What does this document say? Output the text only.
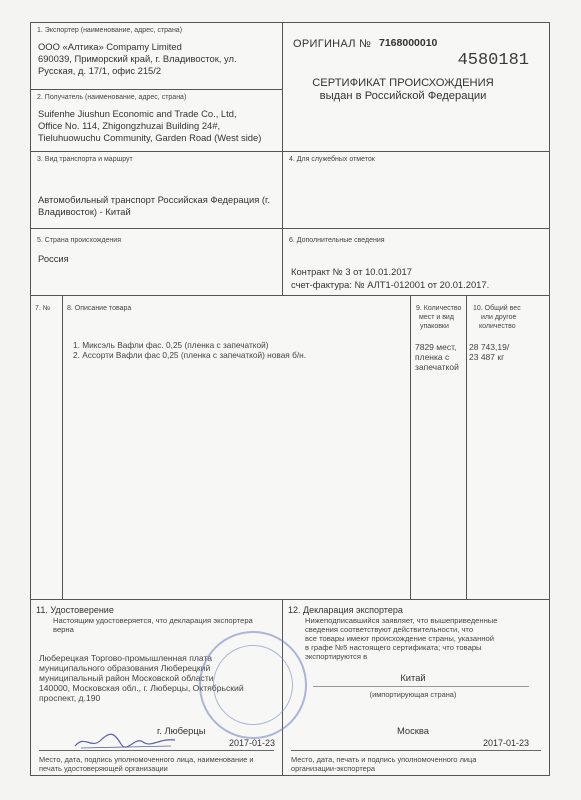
1. Экспортер (наименование, адрес, страна)
ООО «Алтика» Compamy Limited
690039, Приморский край, г. Владивосток, ул.
Русская, д. 17/1, офис 215/2
ОРИГИНАЛ № 7168000010
4580181
СЕРТИФИКАТ ПРОИСХОЖДЕНИЯ
выдан в Российской Федерации
2. Получатель (наименование, адрес, страна)
Suifenhe Jiushun Economic and Trade Co., Ltd,
Office No. 114, Zhigongzhuzai Building 24#,
Tieluhuowuchu Community, Garden Road (West side)
3. Вид транспорта и маршрут
Автомобильный транспорт Российская Федерация (г.
Владивосток) - Китай
4. Для служебных отметок
5. Страна происхождения
Россия
6. Дополнительные сведения
Контракт № 3 от 10.01.2017
счет-фактура: № АЛТ1-012001 от 20.01.2017.
7. № 8. Описание товара
1. Миксэль Вафли фас. 0,25 (пленка с запечаткой)
2. Ассорти Вафли фас 0,25 (пленка с запечаткой) новая б/н.
9. Количество
мест и вид
упаковки
7829 мест,
пленка с
запечаткой
10. Общий вес
или другое
количество
28 743,19/
23 487 кг
11. Удостоверение
Настоящим удостоверяется, что декларация экспортера
верна
Люберецкая Торгово-промышленная плата
муниципального образования Люберецкий
муниципальный район Московской области
140000, Московская обл., г. Люберцы, Октябрьский
проспект, д.190
г. Люберцы
2017-01-23
Место, дата, подпись уполномоченного лица, наименование и
печать удостоверяющей организации
12. Декларация экспортера
Нижеподписавшийся заявляет, что вышеприведенные
сведения соответствуют действительности, что
все товары имеют происхождение страны, указанной
в графе №5 настоящего сертификата; что товары
экспортируются в
Китай
(импортирующая страна)
Москва
2017-01-23
Место, дата, печать и подпись уполномоченного лица
организации-экспортера
